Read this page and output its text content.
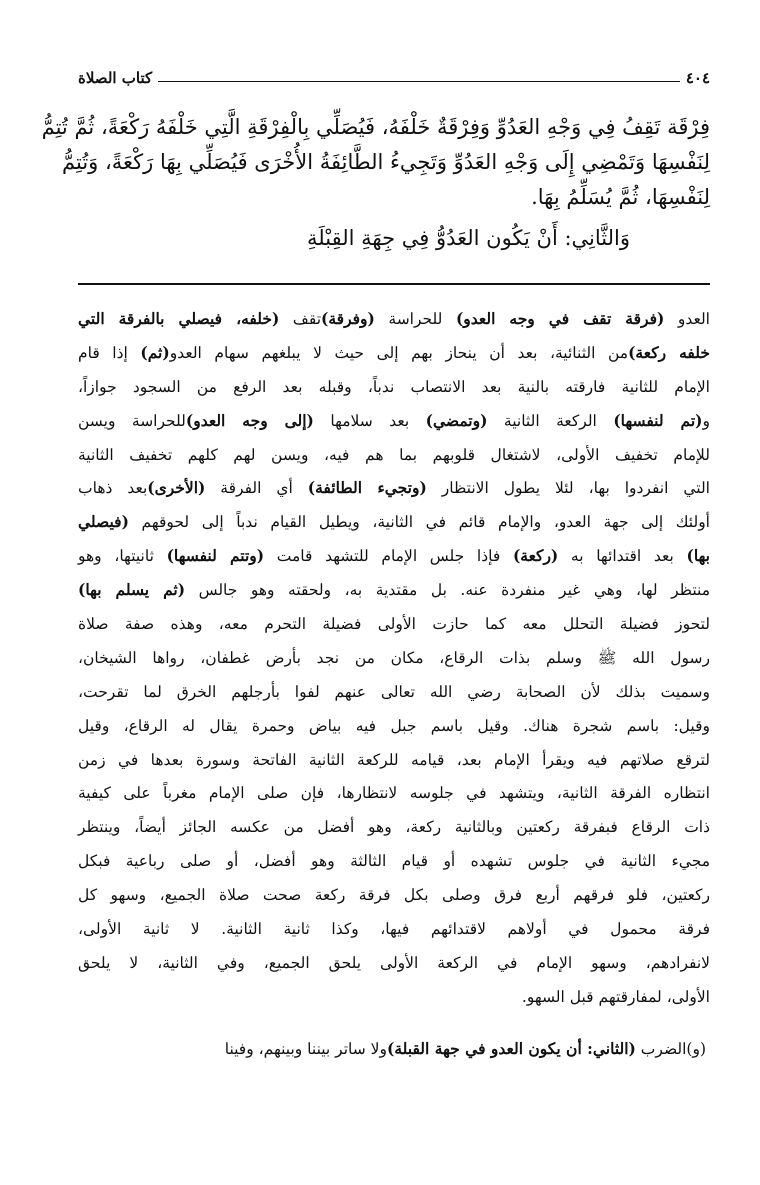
٤٠٤
كتاب الصلاة
فِرْقَة تَقِفُ فِي وَجْهِ العَدُوِّ وَفِرْقَةٌ خَلْفَهُ، فَيُصَلِّي بِالْفِرْقَةِ الَّتِي خَلْفَهُ رَكْعَةً، ثُمَّ تُتِمُّ
لِنَفْسِهَا وَتَمْضِي إِلَى وَجْهِ العَدُوِّ وَتَجِيءُ الطَّائِفَةُ الأُخْرَى فَيُصَلِّي بِهَا رَكْعَةً، وَتُتِمُّ
لِنَفْسِهَا، ثُمَّ يُسَلِّمُ بِهَا.
وَالثَّانِي: أَنْ يَكُون العَدُوُّ فِي جِهَةِ القِبْلَةِ
العدو (فرقة تقف في وجه العدو) للحراسة (وفرقة)تقف (خلفه، فيصلي بالفرقة التي
خلفه ركعة)من الثنائية، بعد أن ينحاز بهم إلى حيث لا يبلغهم سهام العدو(ثم) إذا قام
الإمام للثانية فارقته بالنية بعد الانتصاب ندباً، وقبله بعد الرفع من السجود جوازاً،
و(تم لنفسها) الركعة الثانية (وتمضي) بعد سلامها (إلى وجه العدو)للحراسة ويسن
للإمام تخفيف الأولى، لاشتغال قلوبهم بما هم فيه، ويسن لهم كلهم تخفيف الثانية
التي انفردوا بها، لئلا يطول الانتظار (وتجيء الطائفة) أي الفرقة (الأخرى)بعد ذهاب
أولئك إلى جهة العدو، والإمام قائم في الثانية، ويطيل القيام ندباً إلى لحوقهم (فيصلي
بها) بعد اقتدائها به (ركعة) فإذا جلس الإمام للتشهد قامت (وتتم لنفسها) ثانيتها، وهو
منتظر لها، وهي غير منفردة عنه. بل مقتدية به، ولحقته وهو جالس (ثم يسلم بها)
لتحوز فضيلة التحلل معه كما حازت الأولى فضيلة التحرم معه، وهذه صفة صلاة
رسول الله ﷺ وسلم بذات الرقاع، مكان من نجد بأرض غطفان، رواها الشيخان،
وسميت بذلك لأن الصحابة رضي الله تعالى عنهم لفوا بأرجلهم الخرق لما تقرحت،
وقيل: باسم شجرة هناك. وقيل باسم جبل فيه بياض وحمرة يقال له الرقاع، وقيل
لترقع صلاتهم فيه ويقرأ الإمام بعد، قيامه للركعة الثانية الفاتحة وسورة بعدها في زمن
انتظاره الفرقة الثانية، ويتشهد في جلوسه لانتظارها، فإن صلى الإمام مغرباً على كيفية
ذات الرقاع فبفرقة ركعتين وبالثانية ركعة، وهو أفضل من عكسه الجائز أيضاً، وينتظر
مجيء الثانية في جلوس تشهده أو قيام الثالثة وهو أفضل، أو صلى رباعية فبكل
ركعتين، فلو فرقهم أربع فرق وصلى بكل فرقة ركعة صحت صلاة الجميع، وسهو كل
فرقة محمول في أولاهم لاقتدائهم فيها، وكذا ثانية الثانية. لا ثانية الأولى،
لانفرادهم، وسهو الإمام في الركعة الأولى يلحق الجميع، وفي الثانية، لا يلحق
الأولى، لمفارقتهم قبل السهو.
(و)الضرب (الثاني: أن يكون العدو في جهة القبلة)ولا ساتر بيننا وبينهم، وفينا
